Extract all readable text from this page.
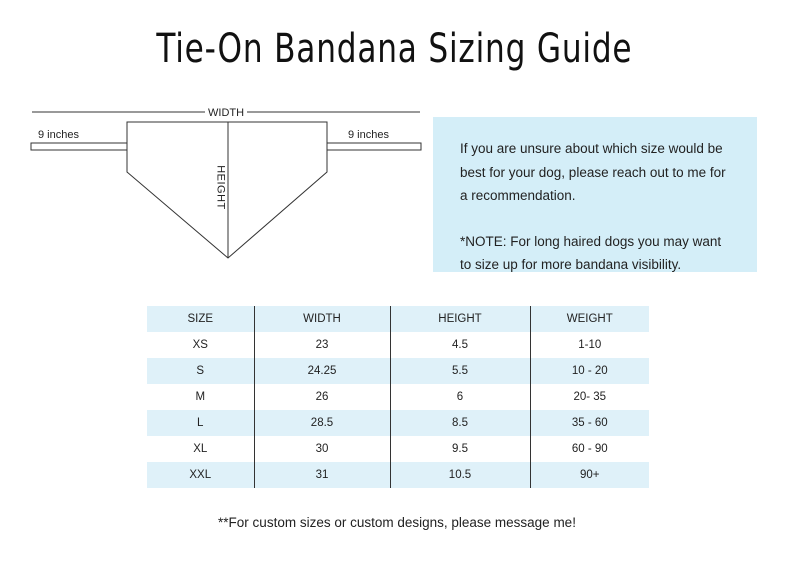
Tie-On Bandana Sizing Guide
WIDTH
9 inches	9 inches
HEIGHT

If you are unsure about which size would be best for your dog, please reach out to me for a recommendation.

*NOTE: For long haired dogs you may want to size up for more bandana visibility.

SIZE	WIDTH	HEIGHT	WEIGHT
XS	23	4.5	1-10
S	24.25	5.5	10 - 20
M	26	6	20- 35
L	28.5	8.5	35 - 60
XL	30	9.5	60 - 90
XXL	31	10.5	90+
**For custom sizes or custom designs, please message me!
